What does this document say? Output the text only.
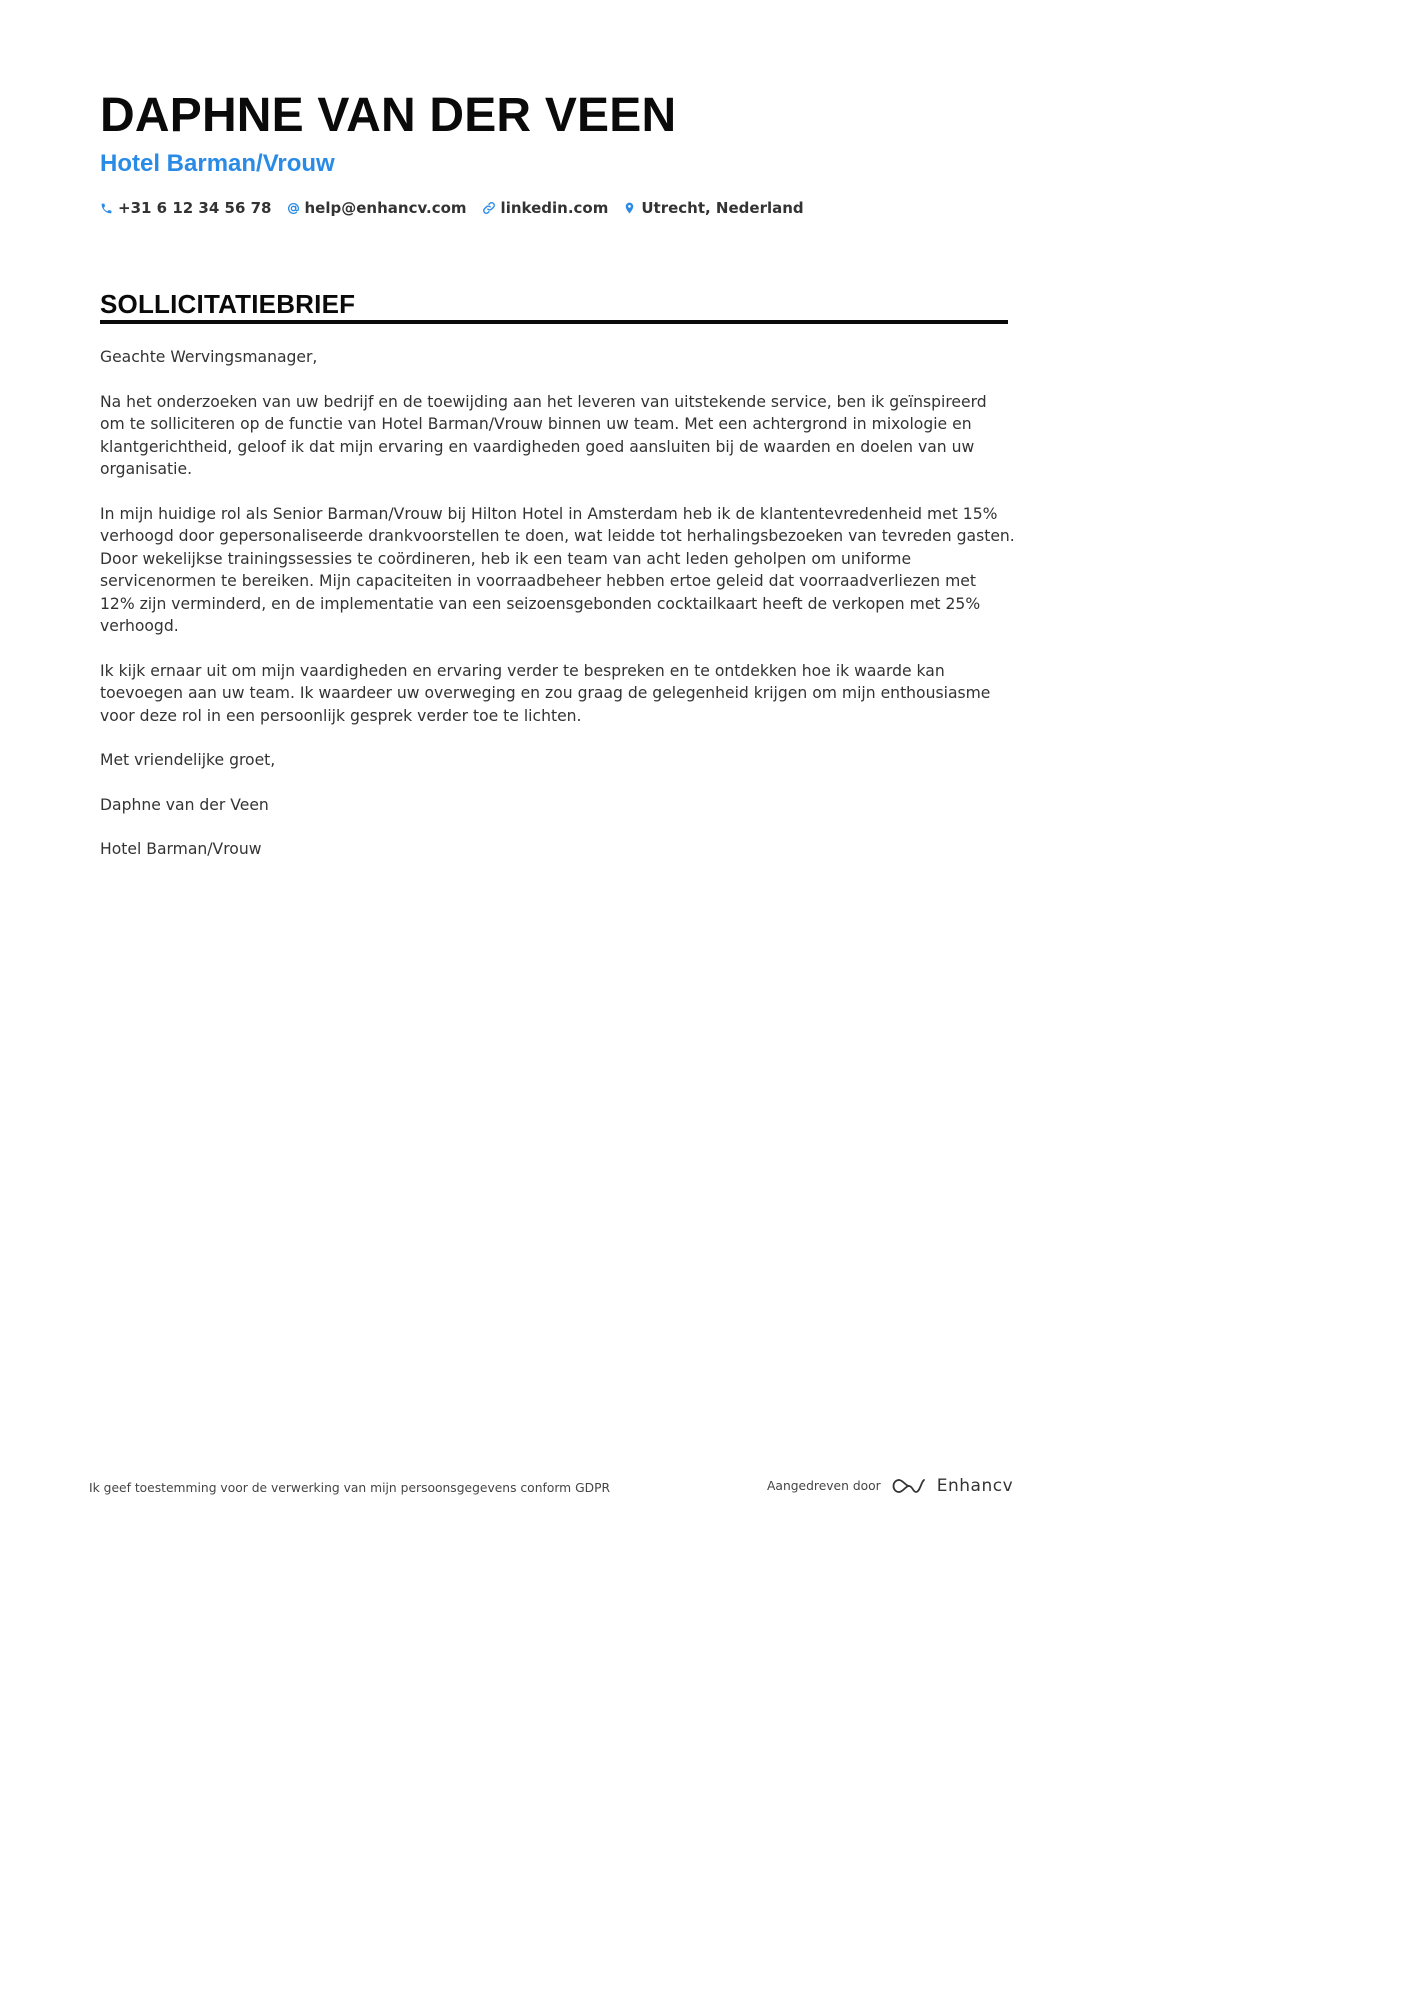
DAPHNE VAN DER VEEN
Hotel Barman/Vrouw
+31 6 12 34 56 78 help@enhancv.com linkedin.com Utrecht, Nederland
SOLLICITATIEBRIEF

Geachte Wervingsmanager,

Na het onderzoeken van uw bedrijf en de toewijding aan het leveren van uitstekende service, ben ik geïnspireerd om te solliciteren op de functie van Hotel Barman/Vrouw binnen uw team. Met een achtergrond in mixologie en klantgerichtheid, geloof ik dat mijn ervaring en vaardigheden goed aansluiten bij de waarden en doelen van uw organisatie.

In mijn huidige rol als Senior Barman/Vrouw bij Hilton Hotel in Amsterdam heb ik de klantentevredenheid met 15% verhoogd door gepersonaliseerde drankvoorstellen te doen, wat leidde tot herhalingsbezoeken van tevreden gasten. Door wekelijkse trainingssessies te coördineren, heb ik een team van acht leden geholpen om uniforme servicenormen te bereiken. Mijn capaciteiten in voorraadbeheer hebben ertoe geleid dat voorraadverliezen met 12% zijn verminderd, en de implementatie van een seizoensgebonden cocktailkaart heeft de verkopen met 25% verhoogd.

Ik kijk ernaar uit om mijn vaardigheden en ervaring verder te bespreken en te ontdekken hoe ik waarde kan toevoegen aan uw team. Ik waardeer uw overweging en zou graag de gelegenheid krijgen om mijn enthousiasme voor deze rol in een persoonlijk gesprek verder toe te lichten.

Met vriendelijke groet,

Daphne van der Veen

Hotel Barman/Vrouw

Ik geef toestemming voor de verwerking van mijn persoonsgegevens conform GDPR	Aangedreven door	Enhancv
